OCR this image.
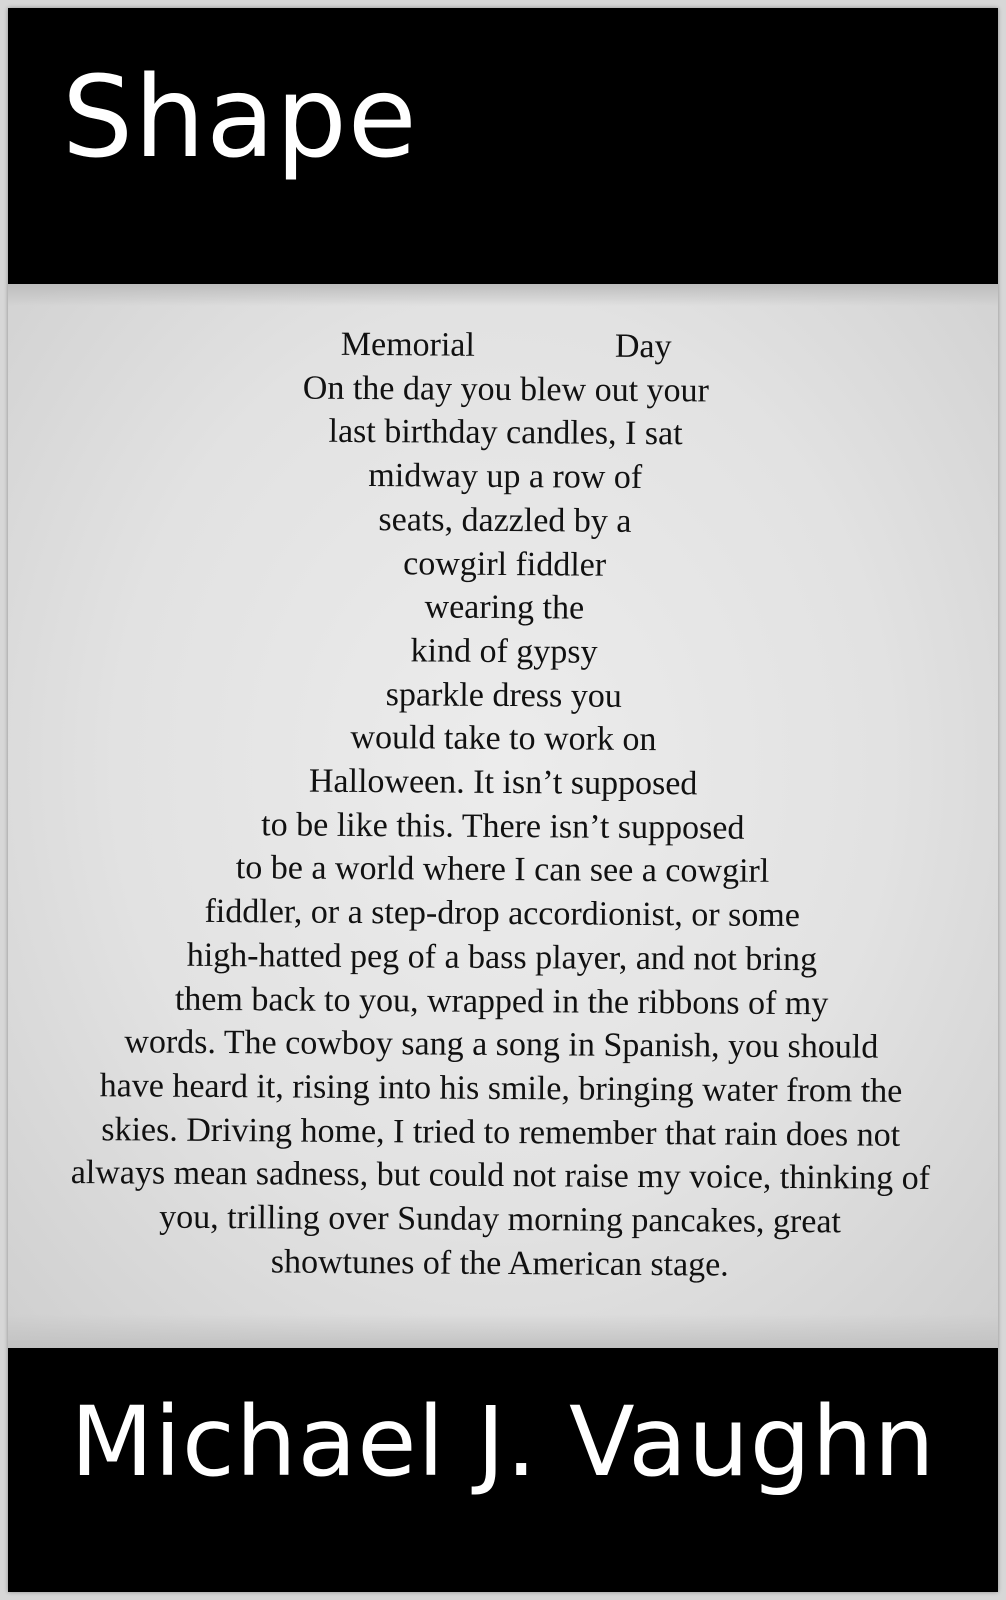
Shape
Memorial	Day
On the day you blew out your
last birthday candles, I sat
midway up a row of
seats, dazzled by a
cowgirl fiddler
wearing the
kind of gypsy
sparkle dress you
would take to work on
Halloween. It isn’t supposed
to be like this. There isn’t supposed
to be a world where I can see a cowgirl
fiddler, or a step-drop accordionist, or some
high-hatted peg of a bass player, and not bring
them back to you, wrapped in the ribbons of my
words. The cowboy sang a song in Spanish, you should
have heard it, rising into his smile, bringing water from the
skies. Driving home, I tried to remember that rain does not
always mean sadness, but could not raise my voice, thinking of
you, trilling over Sunday morning pancakes, great
showtunes of the American stage.
Michael J. Vaughn
